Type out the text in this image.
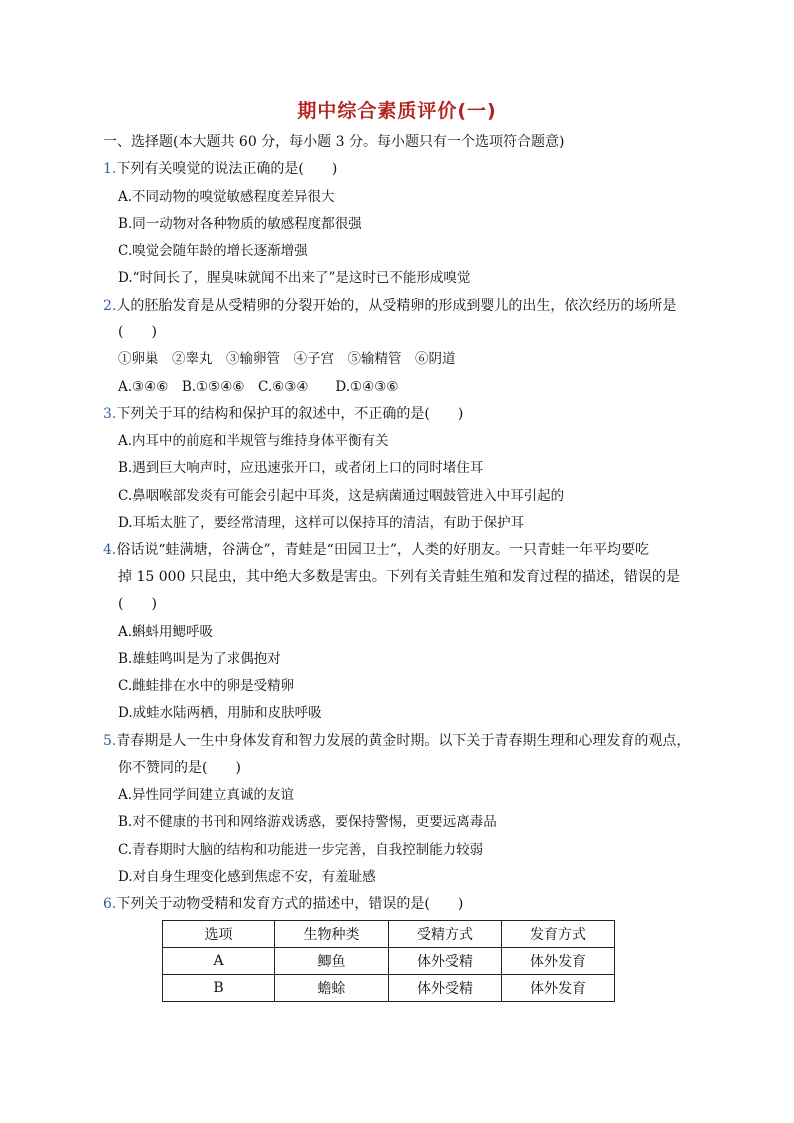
期中综合素质评价(一)
一、选择题(本大题共 60 分，每小题 3 分。每小题只有一个选项符合题意)
1.下列有关嗅觉的说法正确的是(　　)
A.不同动物的嗅觉敏感程度差异很大
B.同一动物对各种物质的敏感程度都很强
C.嗅觉会随年龄的增长逐渐增强
D.“时间长了，腥臭味就闻不出来了”是这时已不能形成嗅觉
2.人的胚胎发育是从受精卵的分裂开始的，从受精卵的形成到婴儿的出生，依次经历的场所是
(　　)
①卵巢　②睾丸　③输卵管　④子宫　⑤输精管　⑥阴道
A.③④⑥　B.①⑤④⑥　C.⑥③④　　D.①④③⑥
3.下列关于耳的结构和保护耳的叙述中，不正确的是(　　)
A.内耳中的前庭和半规管与维持身体平衡有关
B.遇到巨大响声时，应迅速张开口，或者闭上口的同时堵住耳
C.鼻咽喉部发炎有可能会引起中耳炎，这是病菌通过咽鼓管进入中耳引起的
D.耳垢太脏了，要经常清理，这样可以保持耳的清洁，有助于保护耳
4.俗话说“蛙满塘，谷满仓”，青蛙是“田园卫士”，人类的好朋友。一只青蛙一年平均要吃
掉 15 000 只昆虫，其中绝大多数是害虫。下列有关青蛙生殖和发育过程的描述，错误的是
(　　)
A.蝌蚪用鳃呼吸
B.雄蛙鸣叫是为了求偶抱对
C.雌蛙排在水中的卵是受精卵
D.成蛙水陆两栖，用肺和皮肤呼吸
5.青春期是人一生中身体发育和智力发展的黄金时期。以下关于青春期生理和心理发育的观点，
你不赞同的是(　　)
A.异性同学间建立真诚的友谊
B.对不健康的书刊和网络游戏诱惑，要保持警惕，更要远离毒品
C.青春期时大脑的结构和功能进一步完善，自我控制能力较弱
D.对自身生理变化感到焦虑不安，有羞耻感
6.下列关于动物受精和发育方式的描述中，错误的是(　　)
选项	生物种类	受精方式	发育方式
A	鲫鱼	体外受精	体外发育
B	蟾蜍	体外受精	体外发育
